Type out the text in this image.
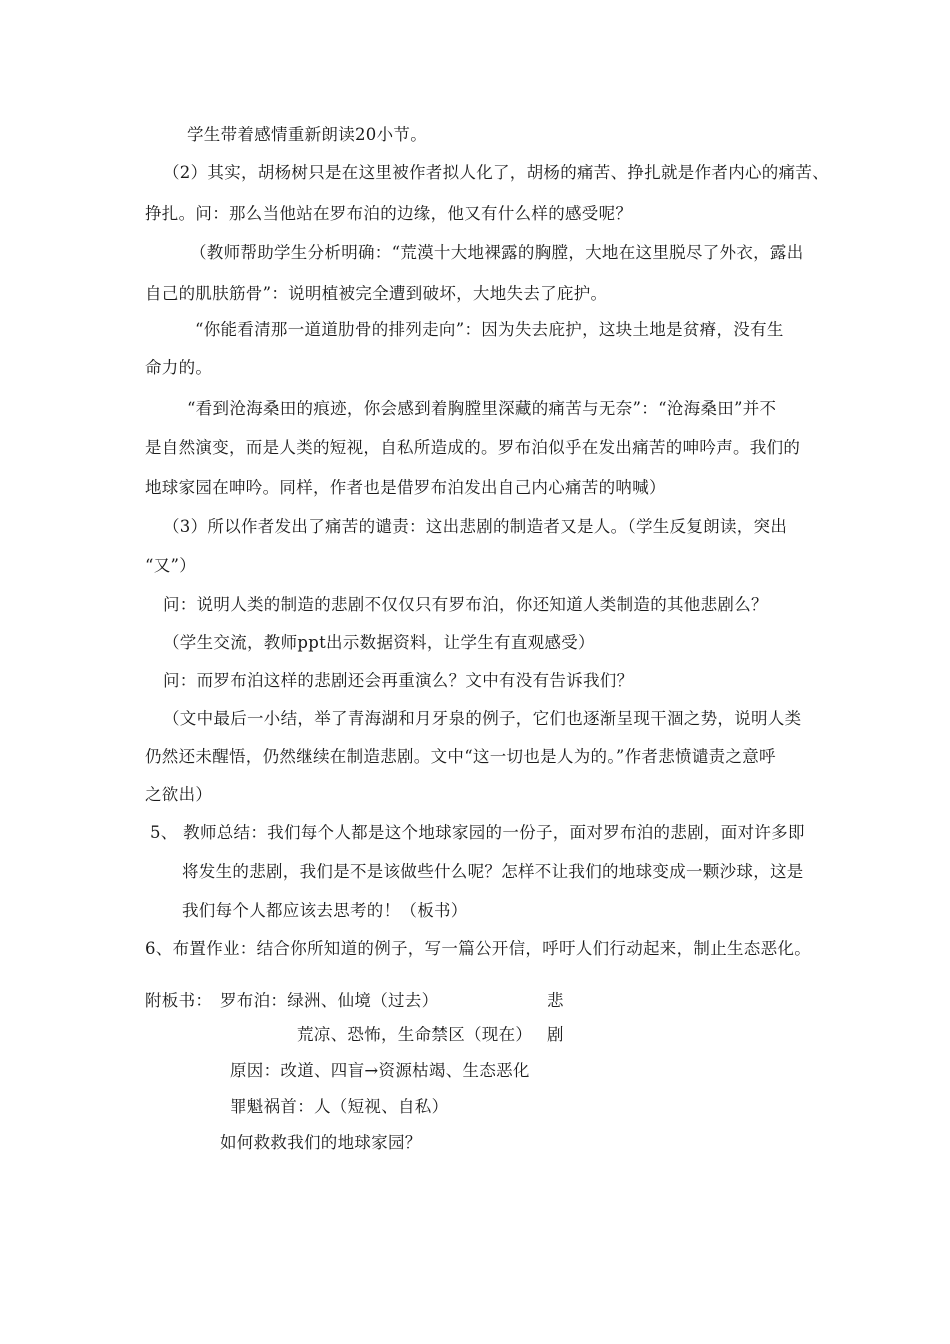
学生带着感情重新朗读20小节。
（2）其实，胡杨树只是在这里被作者拟人化了，胡杨的痛苦、挣扎就是作者内心的痛苦、
挣扎。问：那么当他站在罗布泊的边缘，他又有什么样的感受呢？
（教师帮助学生分析明确：“荒漠十大地裸露的胸膛，大地在这里脱尽了外衣，露出
自己的肌肤筋骨”：说明植被完全遭到破坏，大地失去了庇护。
“你能看清那一道道肋骨的排列走向”：因为失去庇护，这块土地是贫瘠，没有生
命力的。
“看到沧海桑田的痕迹，你会感到着胸膛里深藏的痛苦与无奈”：“沧海桑田”并不
是自然演变，而是人类的短视，自私所造成的。罗布泊似乎在发出痛苦的呻吟声。我们的
地球家园在呻吟。同样，作者也是借罗布泊发出自己内心痛苦的呐喊）
（3）所以作者发出了痛苦的谴责：这出悲剧的制造者又是人。（学生反复朗读，突出
“又”）
问：说明人类的制造的悲剧不仅仅只有罗布泊，你还知道人类制造的其他悲剧么？
（学生交流，教师ppt出示数据资料，让学生有直观感受）
问：而罗布泊这样的悲剧还会再重演么？文中有没有告诉我们？
（文中最后一小结，举了青海湖和月牙泉的例子，它们也逐渐呈现干涸之势，说明人类
仍然还未醒悟，仍然继续在制造悲剧。文中“这一切也是人为的。”作者悲愤谴责之意呼
之欲出）
5、 教师总结：我们每个人都是这个地球家园的一份子，面对罗布泊的悲剧，面对许多即
将发生的悲剧，我们是不是该做些什么呢？怎样不让我们的地球变成一颗沙球，这是
我们每个人都应该去思考的！（板书）
6、布置作业：结合你所知道的例子，写一篇公开信，呼吁人们行动起来，制止生态恶化。
附板书： 罗布泊：绿洲、仙境（过去）	悲
荒凉、恐怖，生命禁区（现在） 剧
原因：改道、四盲→资源枯竭、生态恶化
罪魁祸首：人（短视、自私）
如何救救我们的地球家园？
